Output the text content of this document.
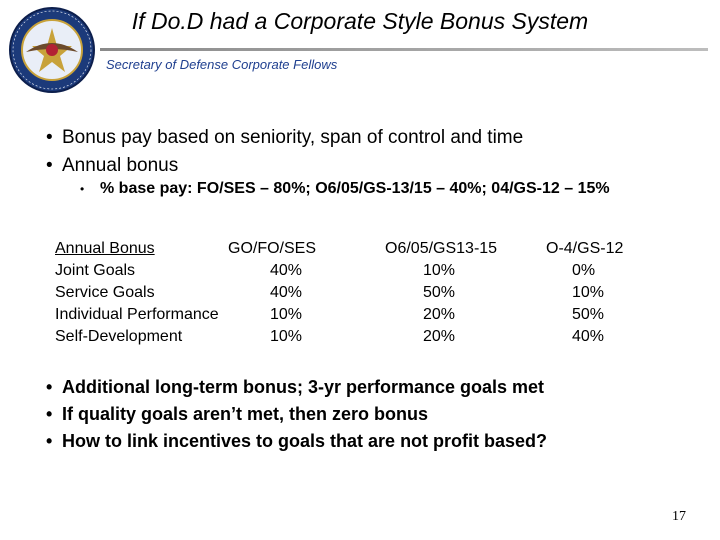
If Do.D had a Corporate Style Bonus System
Secretary of Defense Corporate Fellows
• Bonus pay based on seniority, span of control and time
• Annual bonus
• % base pay: FO/SES – 80%; O6/05/GS-13/15 – 40%; 04/GS-12 – 15%
Annual Bonus
Joint Goals
Service Goals
Individual Performance
Self-Development
GO/FO/SES
40%
40%
10%
10%
O6/05/GS13-15
10%
50%
20%
20%
O-4/GS-12
0%
10%
50%
40%
• Additional long-term bonus; 3-yr performance goals met
• If quality goals aren’t met, then zero bonus
• How to link incentives to goals that are not profit based?
17
